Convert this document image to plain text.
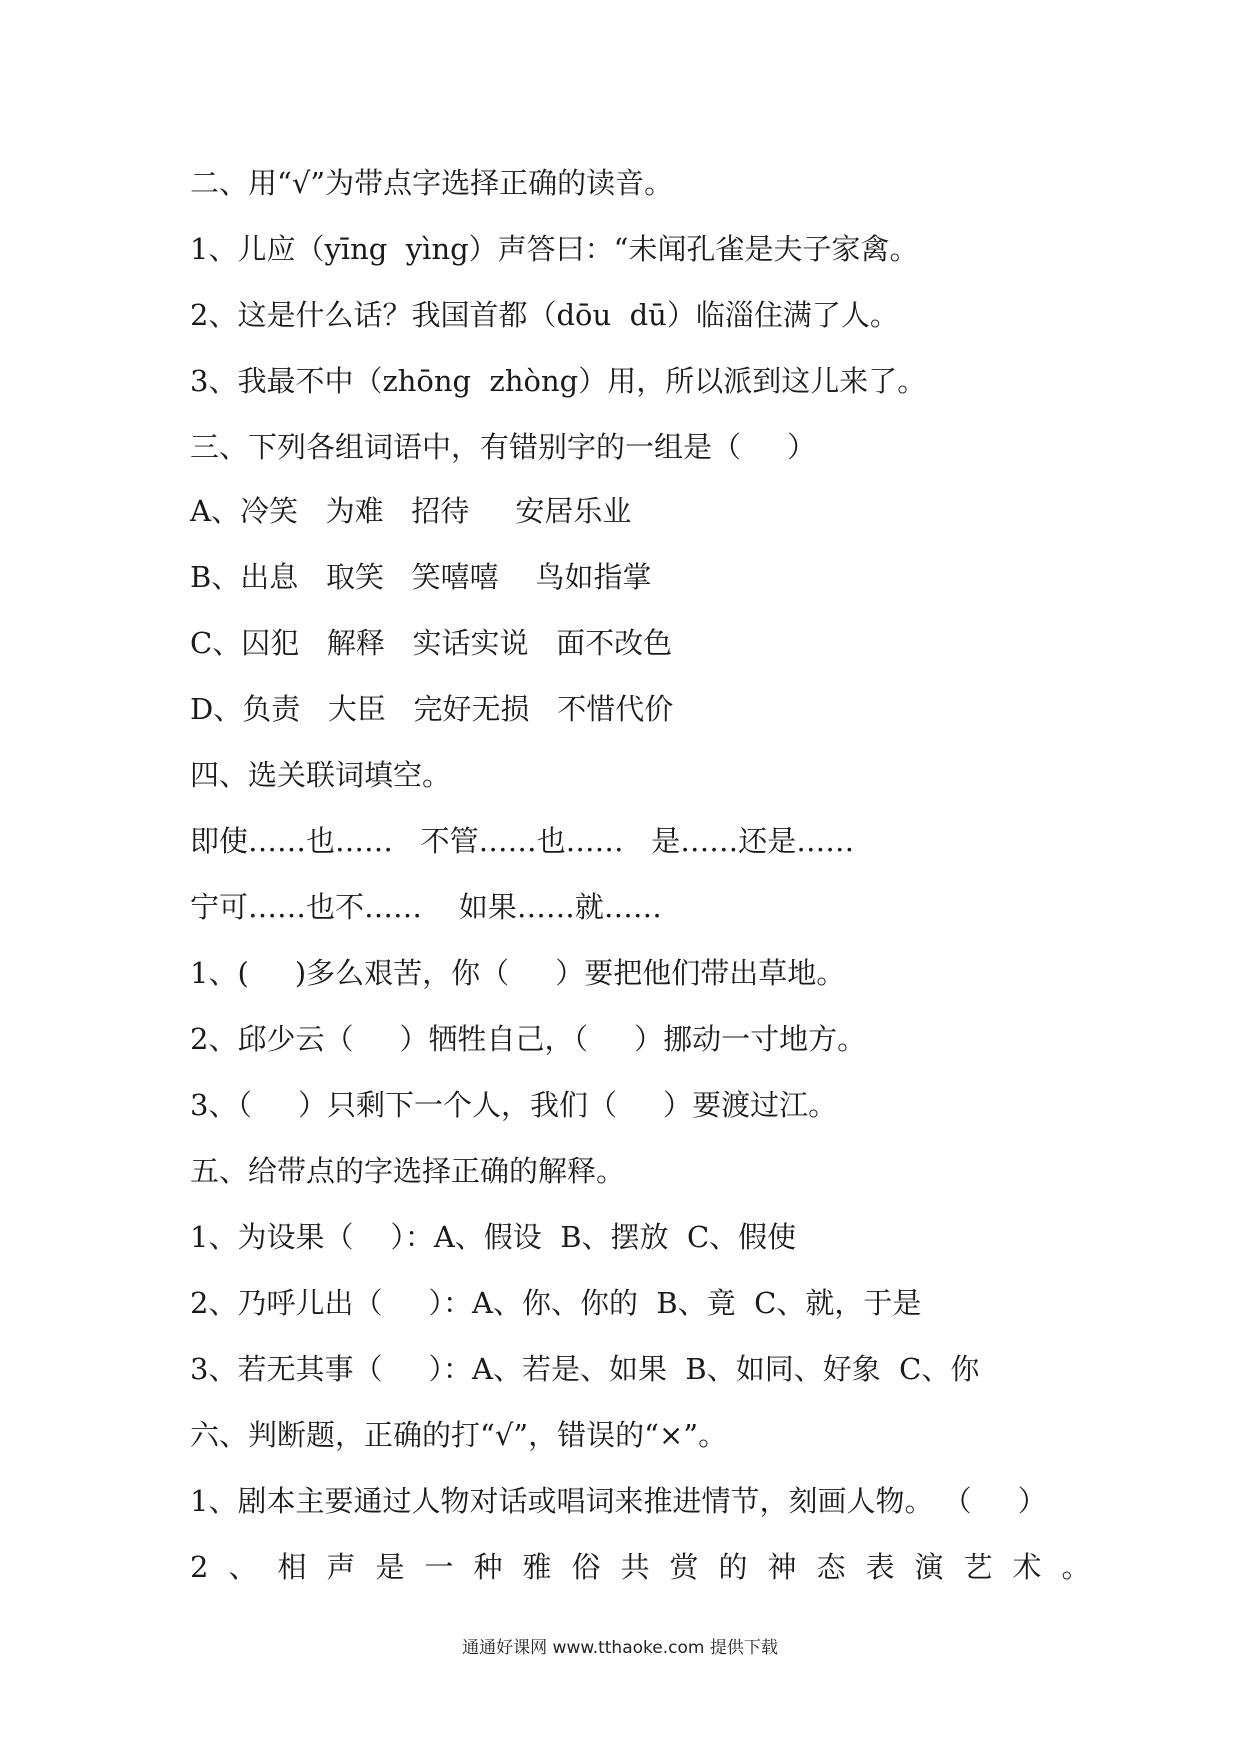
二、用“√”为带点字选择正确的读音。
1、儿应（yīng  yìng）声答曰：“未闻孔雀是夫子家禽。
2、这是什么话？我国首都（dōu  dū）临淄住满了人。
3、我最不中（zhōng  zhòng）用，所以派到这儿来了。
三、下列各组词语中，有错别字的一组是（     ）
A、冷笑   为难   招待     安居乐业
B、出息   取笑   笑嘻嘻    鸟如指掌
C、囚犯   解释   实话实说   面不改色
D、负责   大臣   完好无损   不惜代价
四、选关联词填空。
即使……也……   不管……也……   是……还是……
宁可……也不……    如果……就……
1、(     )多么艰苦，你（     ）要把他们带出草地。
2、邱少云（     ）牺牲自己，（     ）挪动一寸地方。
3、（     ）只剩下一个人，我们（     ）要渡过江。
五、给带点的字选择正确的解释。
1、为设果（    ）：A、假设  B、摆放  C、假使
2、乃呼儿出（     ）：A、你、你的  B、竟  C、就，于是
3、若无其事（     ）：A、若是、如果  B、如同、好象  C、你
六、判断题，正确的打“√”，错误的“×”。
1、剧本主要通过人物对话或唱词来推进情节，刻画人物。 （     ）
2、相声是一种雅俗共赏的神态表演艺术。
通通好课网 www.tthaoke.com 提供下载
